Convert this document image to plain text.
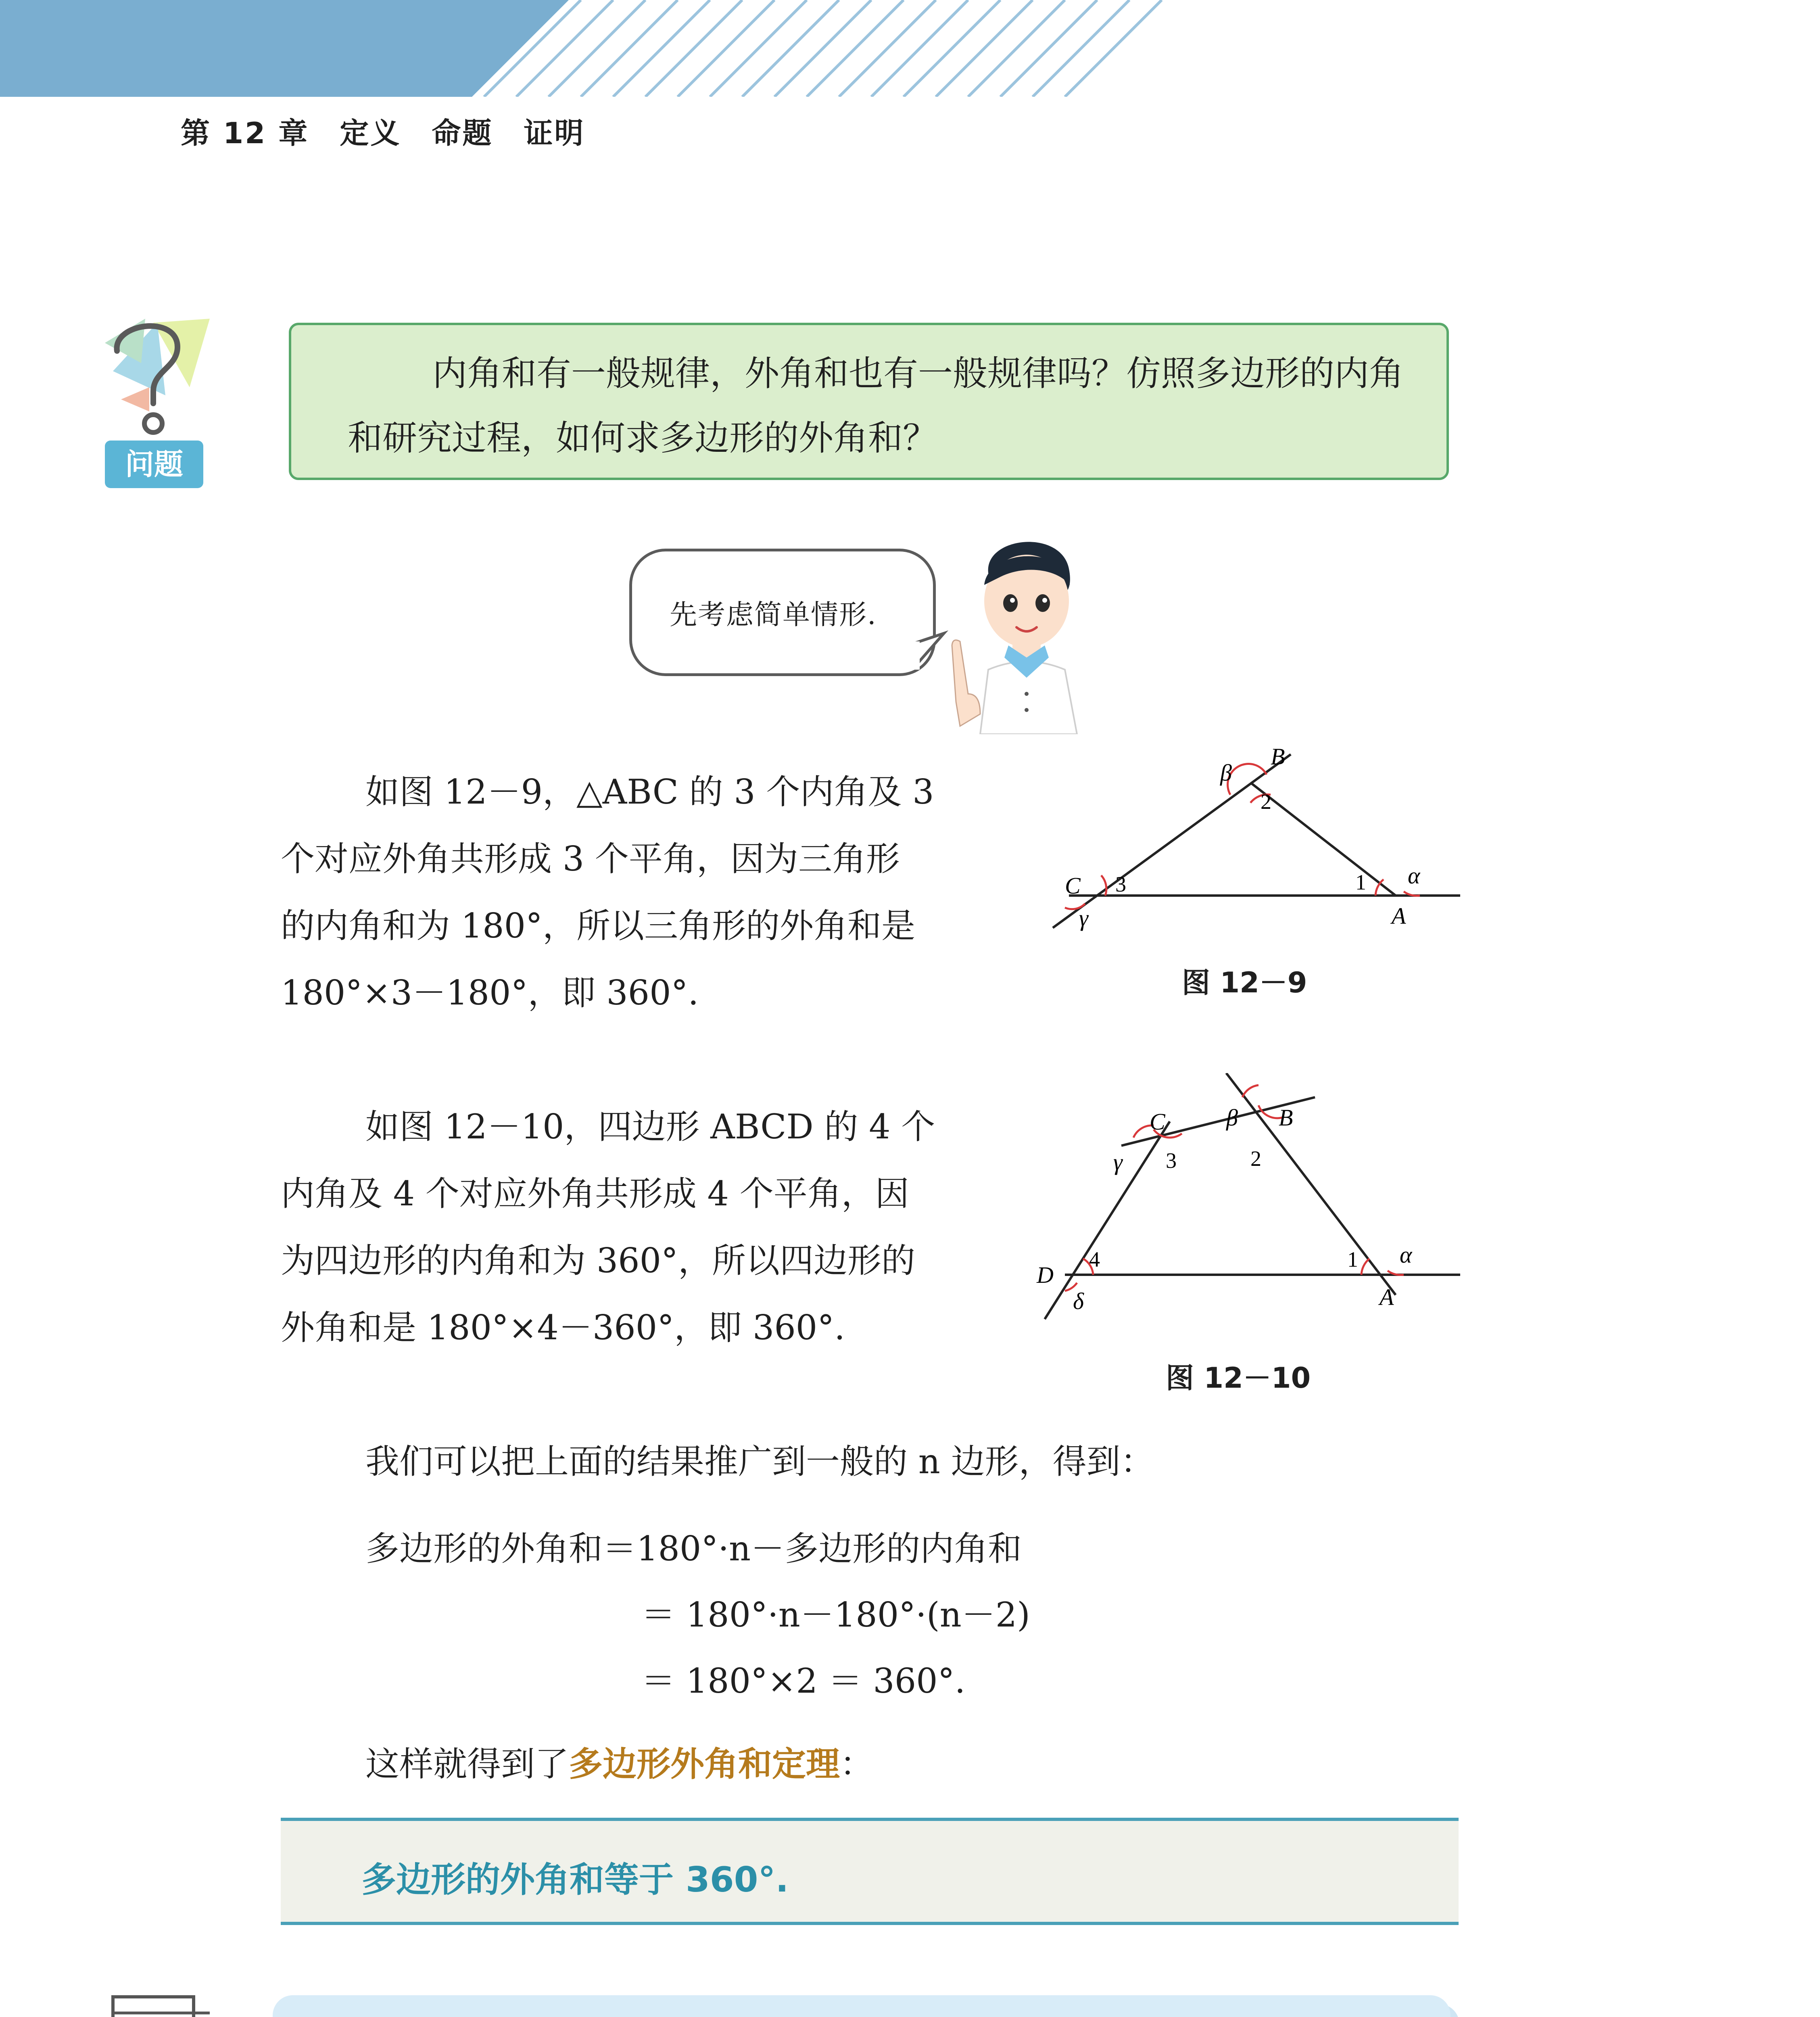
第 12 章　定义　命题　证明
问题
内角和有一般规律，外角和也有一般规律吗？仿照多边形的内角和研究过程，如何求多边形的外角和？
先考虑简单情形.
如图 12－9，△ABC 的 3 个内角及 3
个对应外角共形成 3 个平角，因为三角形
的内角和为 180°，所以三角形的外角和是
180°×3－180°，即 360°.
B
C
A
2
3	1
β
γ
α
图 12－9
如图 12－10，四边形 ABCD 的 4 个
内角及 4 个对应外角共形成 4 个平角，因
为四边形的内角和为 360°，所以四边形的
外角和是 180°×4－360°，即 360°.
C	B
D
A
3	2
4	1
γ
β
δ
α
图 12－10
我们可以把上面的结果推广到一般的 n 边形，得到：
多边形的外角和＝180°·n－多边形的内角和
＝ 180°·n－180°·(n－2)
＝ 180°×2 ＝ 360°.
这样就得到了多边形外角和定理：
多边形的外角和等于 360°.
